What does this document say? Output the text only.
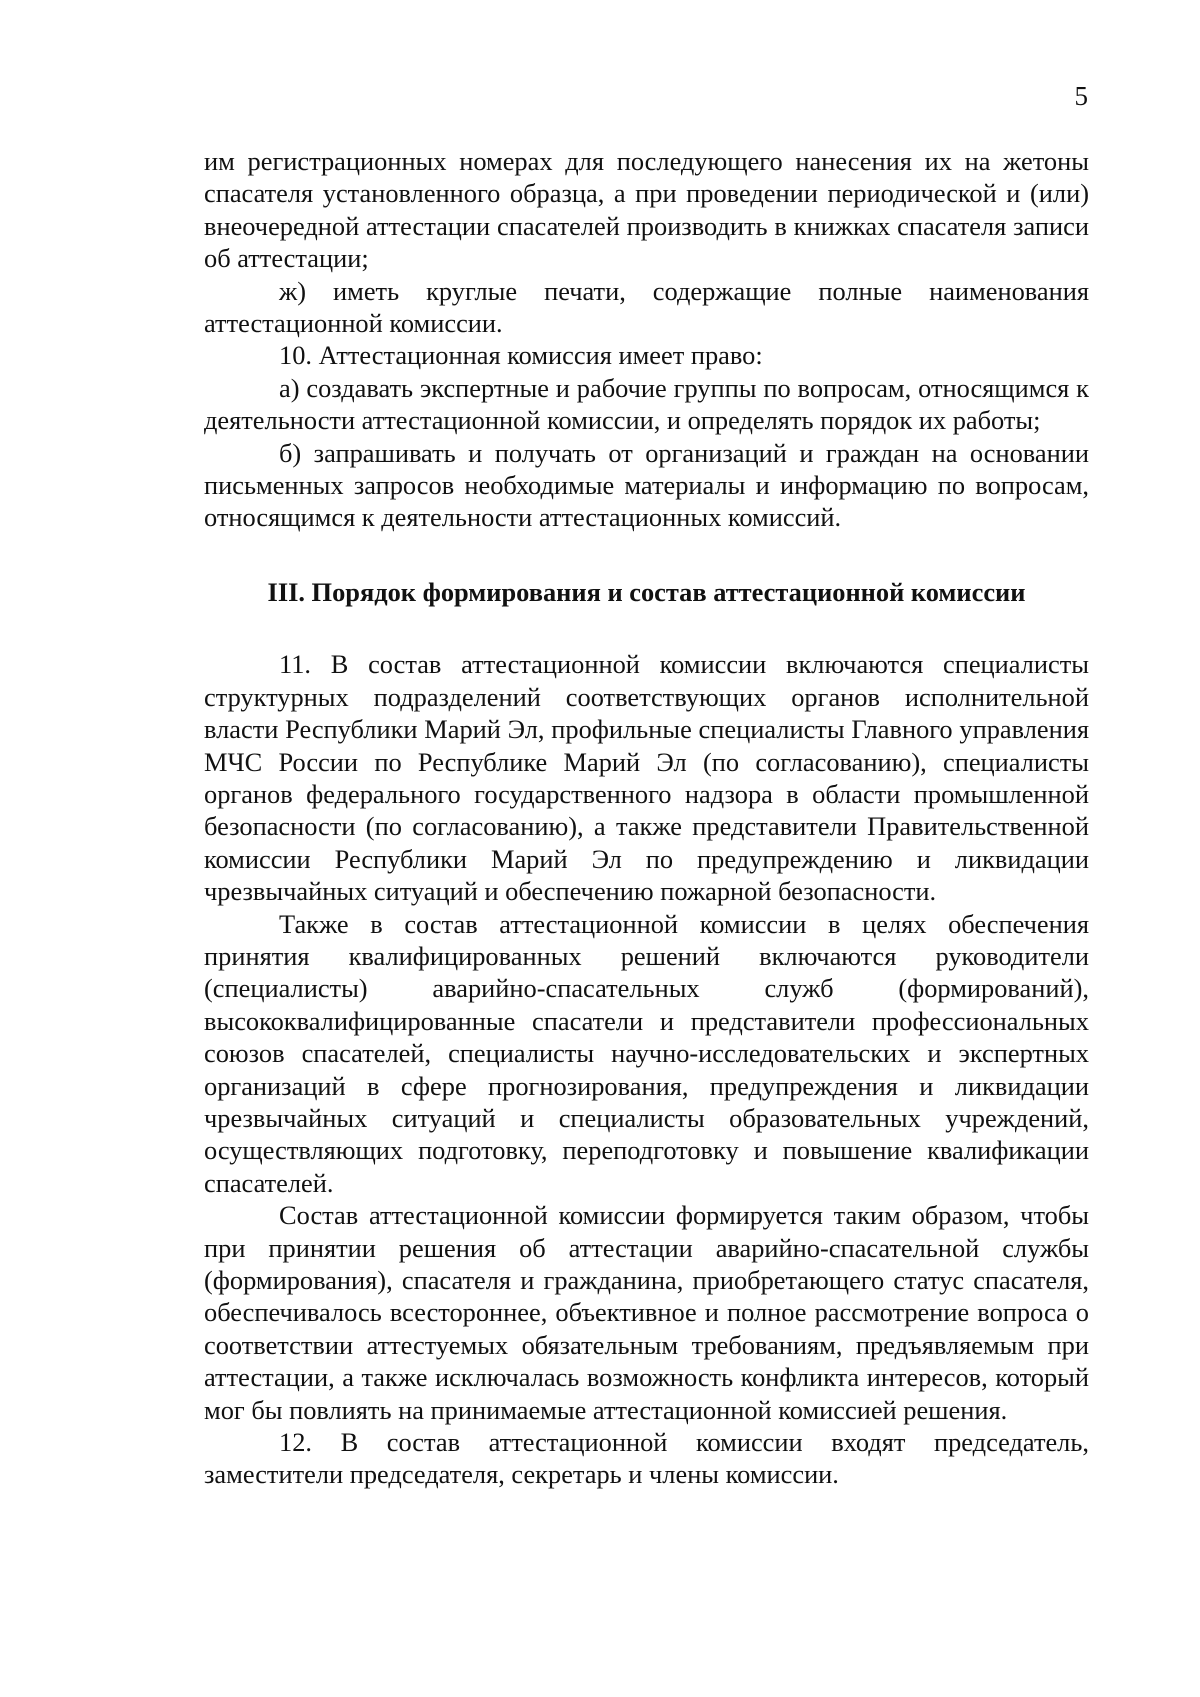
5

им регистрационных номерах для последующего нанесения их на жетоны спасателя установленного образца, а при проведении периодической и (или) внеочередной аттестации спасателей производить в книжках спасателя записи об аттестации;

ж) иметь круглые печати, содержащие полные наименования аттестационной комиссии.

10. Аттестационная комиссия имеет право:

а) создавать экспертные и рабочие группы по вопросам, относящимся к деятельности аттестационной комиссии, и определять порядок их работы;

б) запрашивать и получать от организаций и граждан на основании письменных запросов необходимые материалы и информацию по вопросам, относящимся к деятельности аттестационных комиссий.

III. Порядок формирования и состав аттестационной комиссии

11. В состав аттестационной комиссии включаются специалисты структурных подразделений соответствующих органов исполнительной власти Республики Марий Эл, профильные специалисты Главного управления МЧС России по Республике Марий Эл (по согласованию), специалисты органов федерального государственного надзора в области промышленной безопасности (по согласованию), а также представители Правительственной комиссии Республики Марий Эл по предупреждению и ликвидации чрезвычайных ситуаций и обеспечению пожарной безопасности.

Также в состав аттестационной комиссии в целях обеспечения принятия квалифицированных решений включаются руководители (специалисты) аварийно-спасательных служб (формирований), высококвалифицированные спасатели и представители профессиональных союзов спасателей, специалисты научно-исследовательских и экспертных организаций в сфере прогнозирования, предупреждения и ликвидации чрезвычайных ситуаций и специалисты образовательных учреждений, осуществляющих подготовку, переподготовку и повышение квалификации спасателей.

Состав аттестационной комиссии формируется таким образом, чтобы при принятии решения об аттестации аварийно-спасательной службы (формирования), спасателя и гражданина, приобретающего статус спасателя, обеспечивалось всестороннее, объективное и полное рассмотрение вопроса о соответствии аттестуемых обязательным требованиям, предъявляемым при аттестации, а также исключалась возможность конфликта интересов, который мог бы повлиять на принимаемые аттестационной комиссией решения.

12. В состав аттестационной комиссии входят председатель, заместители председателя, секретарь и члены комиссии.
